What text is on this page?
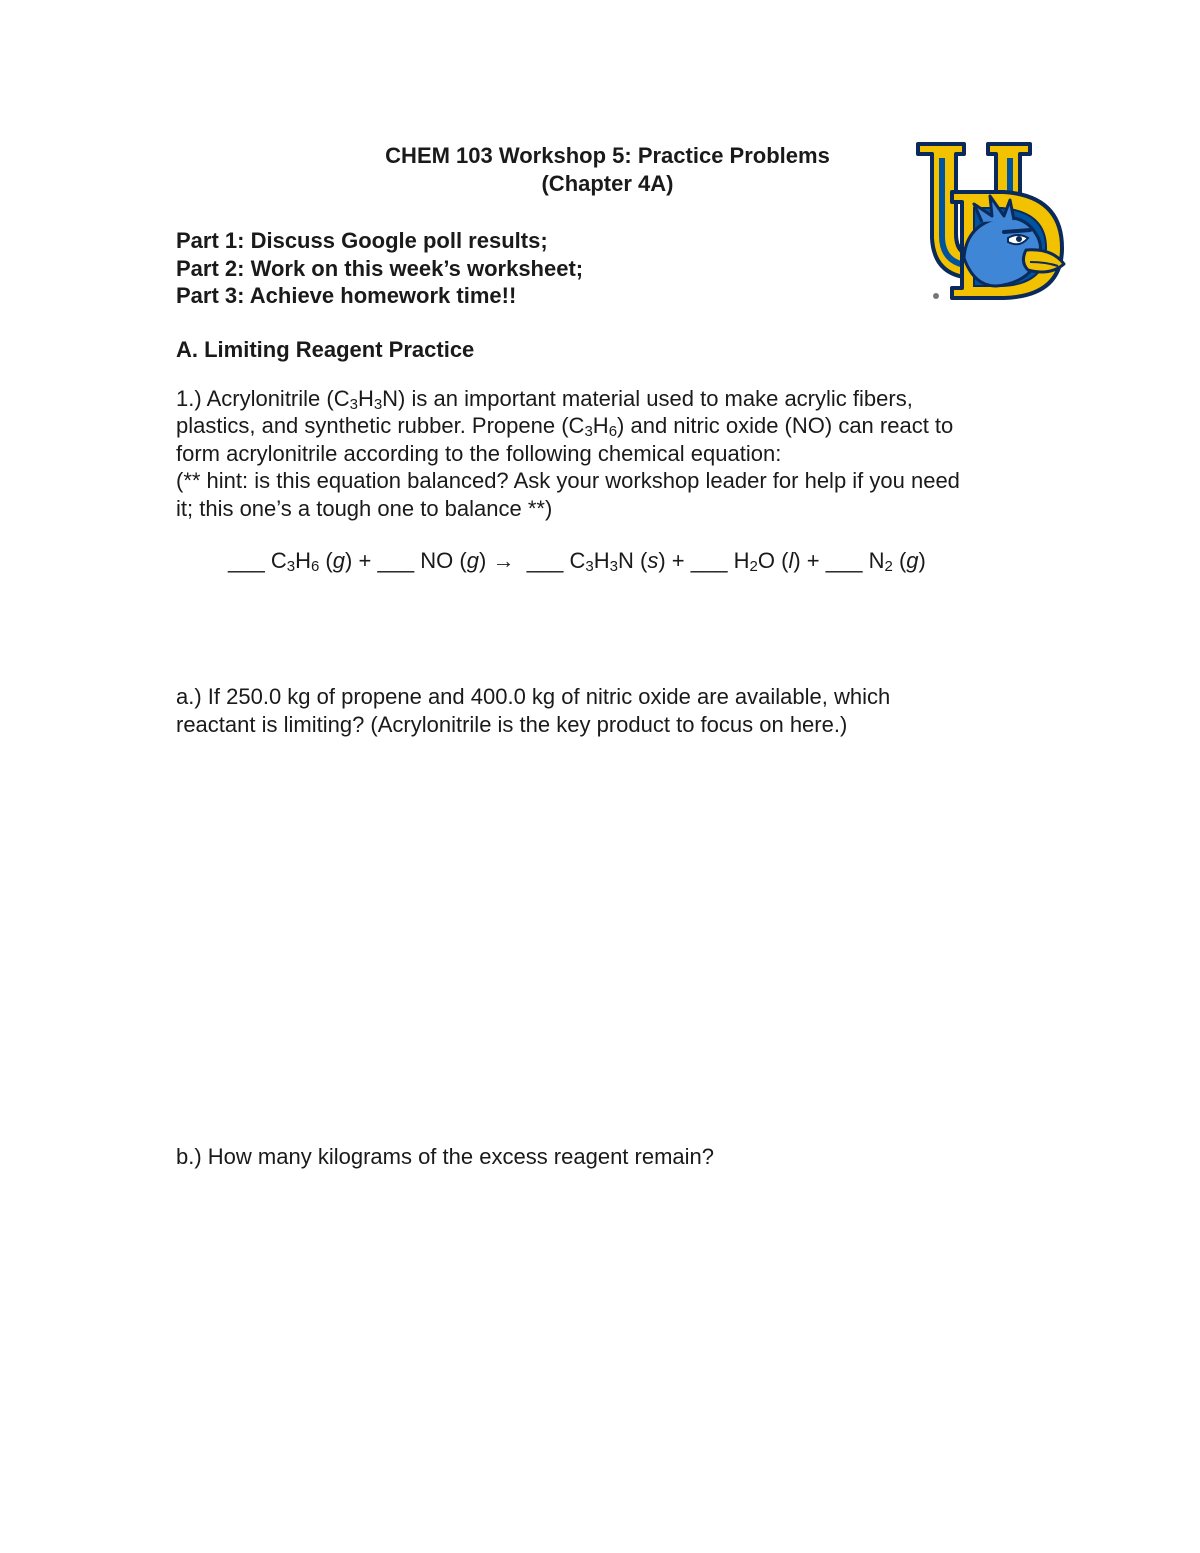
CHEM 103 Workshop 5: Practice Problems
(Chapter 4A)
Part 1: Discuss Google poll results;
Part 2: Work on this week’s worksheet;
Part 3: Achieve homework time!!
A. Limiting Reagent Practice
1.) Acrylonitrile $(C_3H_3N)$ is an important material used to make acrylic fibers,
plastics, and synthetic rubber. Propene $(C_3H_6)$ and nitric oxide (NO) can react to
form acrylonitrile according to the following chemical equation:
(** hint: is this equation balanced? Ask your workshop leader for help if you need
it; this one’s a tough one to balance **)
___ $C_3H_6$ (g) + ___ NO (g) → ___ $C_3H_3N$ (s) + ___ $H_2O$ (l) + ___ $N_2$ (g)
a.) If 250.0 kg of propene and 400.0 kg of nitric oxide are available, which
reactant is limiting? (Acrylonitrile is the key product to focus on here.)
b.) How many kilograms of the excess reagent remain?
